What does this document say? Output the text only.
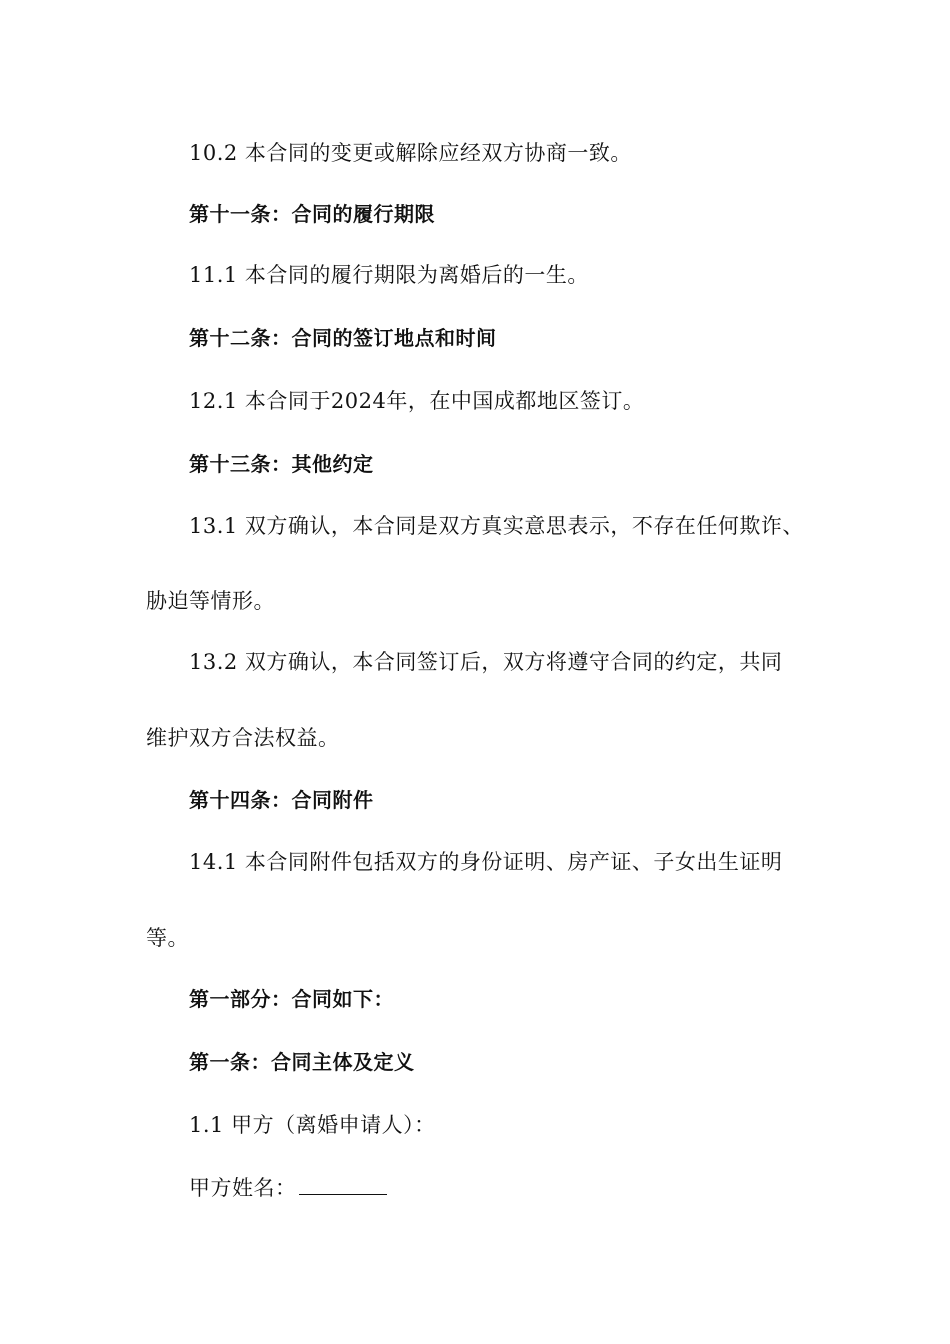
10.2 本合同的变更或解除应经双方协商一致。
第十一条：合同的履行期限
11.1 本合同的履行期限为离婚后的一生。
第十二条：合同的签订地点和时间
12.1 本合同于2024年，在中国成都地区签订。
第十三条：其他约定
13.1 双方确认，本合同是双方真实意思表示，不存在任何欺诈、
胁迫等情形。
13.2 双方确认，本合同签订后，双方将遵守合同的约定，共同
维护双方合法权益。
第十四条：合同附件
14.1 本合同附件包括双方的身份证明、房产证、子女出生证明
等。
第一部分：合同如下：
第一条：合同主体及定义
1.1 甲方（离婚申请人）：
甲方姓名：
